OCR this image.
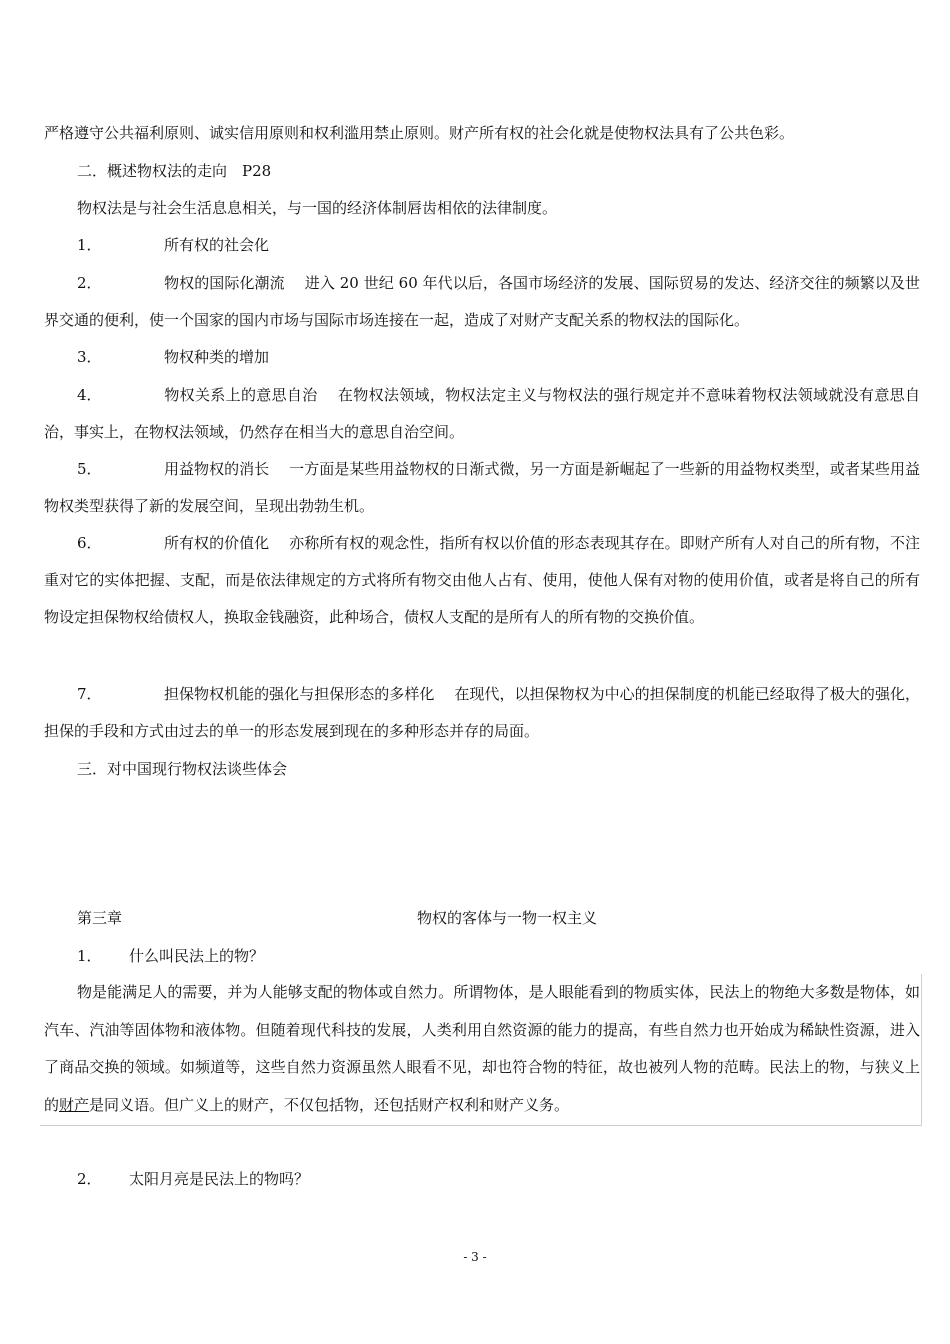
严格遵守公共福利原则、诚实信用原则和权利滥用禁止原则。财产所有权的社会化就是使物权法具有了公共色彩。

二．概述物权法的走向　P28

物权法是与社会生活息息相关，与一国的经济体制唇齿相依的法律制度。

1．	所有权的社会化

2．	物权的国际化潮流 进入 20 世纪 60 年代以后，各国市场经济的发展、国际贸易的发达、经济交往的频繁以及世界交通的便利，使一个国家的国内市场与国际市场连接在一起，造成了对财产支配关系的物权法的国际化。

3．	物权种类的增加

4．	物权关系上的意思自治 在物权法领域，物权法定主义与物权法的强行规定并不意味着物权法领域就没有意思自治，事实上，在物权法领域，仍然存在相当大的意思自治空间。

5．	用益物权的消长 一方面是某些用益物权的日渐式微，另一方面是新崛起了一些新的用益物权类型，或者某些用益物权类型获得了新的发展空间，呈现出勃勃生机。

6．	所有权的价值化 亦称所有权的观念性，指所有权以价值的形态表现其存在。即财产所有人对自己的所有物，不注重对它的实体把握、支配，而是依法律规定的方式将所有物交由他人占有、使用，使他人保有对物的使用价值，或者是将自己的所有物设定担保物权给债权人，换取金钱融资，此种场合，债权人支配的是所有人的所有物的交换价值。

7．	担保物权机能的强化与担保形态的多样化 在现代，以担保物权为中心的担保制度的机能已经取得了极大的强化，担保的手段和方式由过去的单一的形态发展到现在的多种形态并存的局面。

三．对中国现行物权法谈些体会

第三章	物权的客体与一物一权主义
1． 什么叫民法上的物？

物是能满足人的需要，并为人能够支配的物体或自然力。所谓物体，是人眼能看到的物质实体，民法上的物绝大多数是物体，如汽车、汽油等固体物和液体物。但随着现代科技的发展，人类利用自然资源的能力的提高，有些自然力也开始成为稀缺性资源，进入了商品交换的领域。如频道等，这些自然力资源虽然人眼看不见，却也符合物的特征，故也被列人物的范畴。民法上的物，与狭义上的财产是同义语。但广义上的财产，不仅包括物，还包括财产权利和财产义务。

2． 太阳月亮是民法上的物吗？
- 3 -
